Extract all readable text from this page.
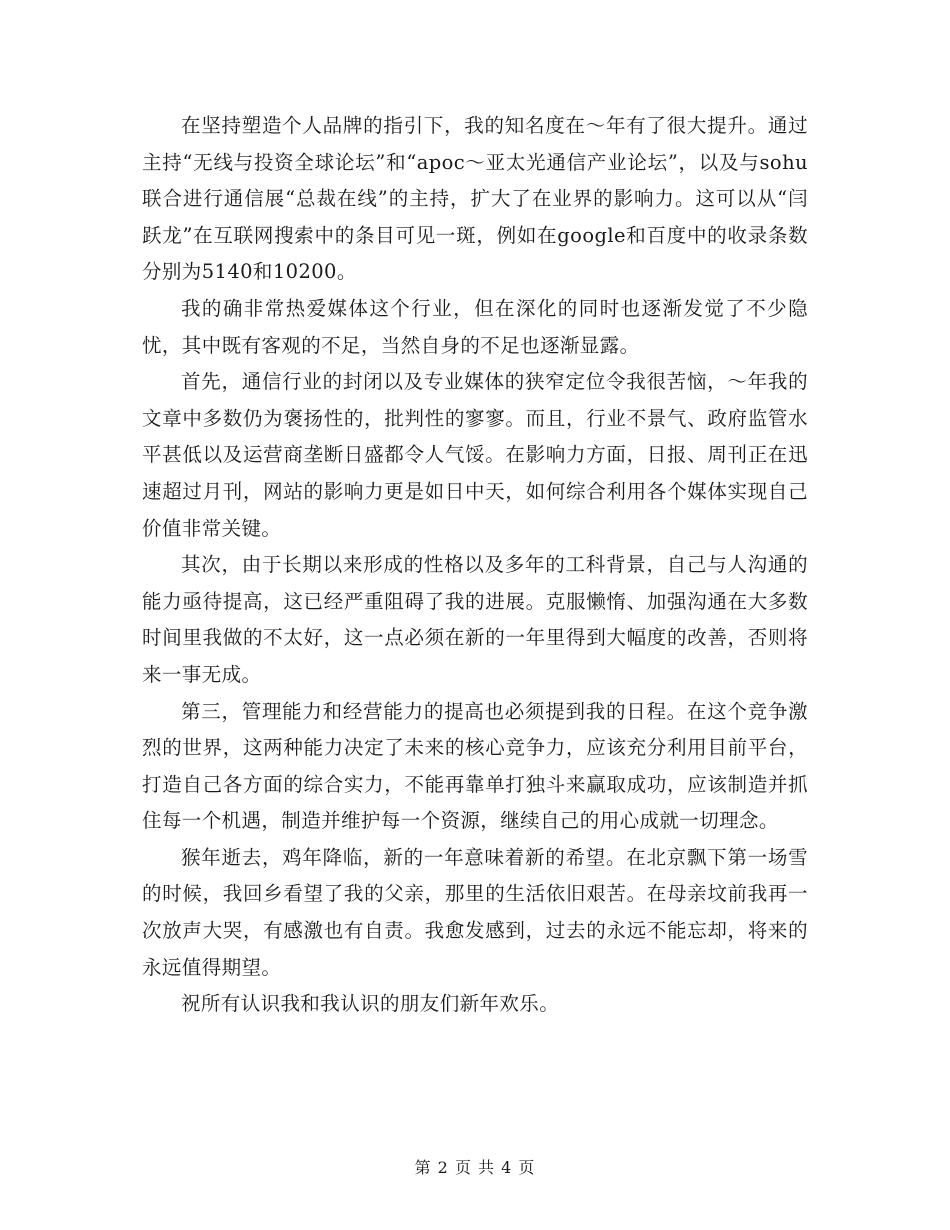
在坚持塑造个人品牌的指引下，我的知名度在～年有了很大提升。通过主持“无线与投资全球论坛”和“apoc～亚太光通信产业论坛”，以及与sohu联合进行通信展“总裁在线”的主持，扩大了在业界的影响力。这可以从“闫跃龙”在互联网搜索中的条目可见一斑，例如在google和百度中的收录条数分别为5140和10200。

我的确非常热爱媒体这个行业，但在深化的同时也逐渐发觉了不少隐忧，其中既有客观的不足，当然自身的不足也逐渐显露。

首先，通信行业的封闭以及专业媒体的狭窄定位令我很苦恼，～年我的文章中多数仍为褒扬性的，批判性的寥寥。而且，行业不景气、政府监管水平甚低以及运营商垄断日盛都令人气馁。在影响力方面，日报、周刊正在迅速超过月刊，网站的影响力更是如日中天，如何综合利用各个媒体实现自己价值非常关键。

其次，由于长期以来形成的性格以及多年的工科背景，自己与人沟通的能力亟待提高，这已经严重阻碍了我的进展。克服懒惰、加强沟通在大多数时间里我做的不太好，这一点必须在新的一年里得到大幅度的改善，否则将来一事无成。

第三，管理能力和经营能力的提高也必须提到我的日程。在这个竞争激烈的世界，这两种能力决定了未来的核心竞争力，应该充分利用目前平台，打造自己各方面的综合实力，不能再靠单打独斗来赢取成功，应该制造并抓住每一个机遇，制造并维护每一个资源，继续自己的用心成就一切理念。

猴年逝去，鸡年降临，新的一年意味着新的希望。在北京飘下第一场雪的时候，我回乡看望了我的父亲，那里的生活依旧艰苦。在母亲坟前我再一次放声大哭，有感激也有自责。我愈发感到，过去的永远不能忘却，将来的永远值得期望。

祝所有认识我和我认识的朋友们新年欢乐。

第 2 页 共 4 页
